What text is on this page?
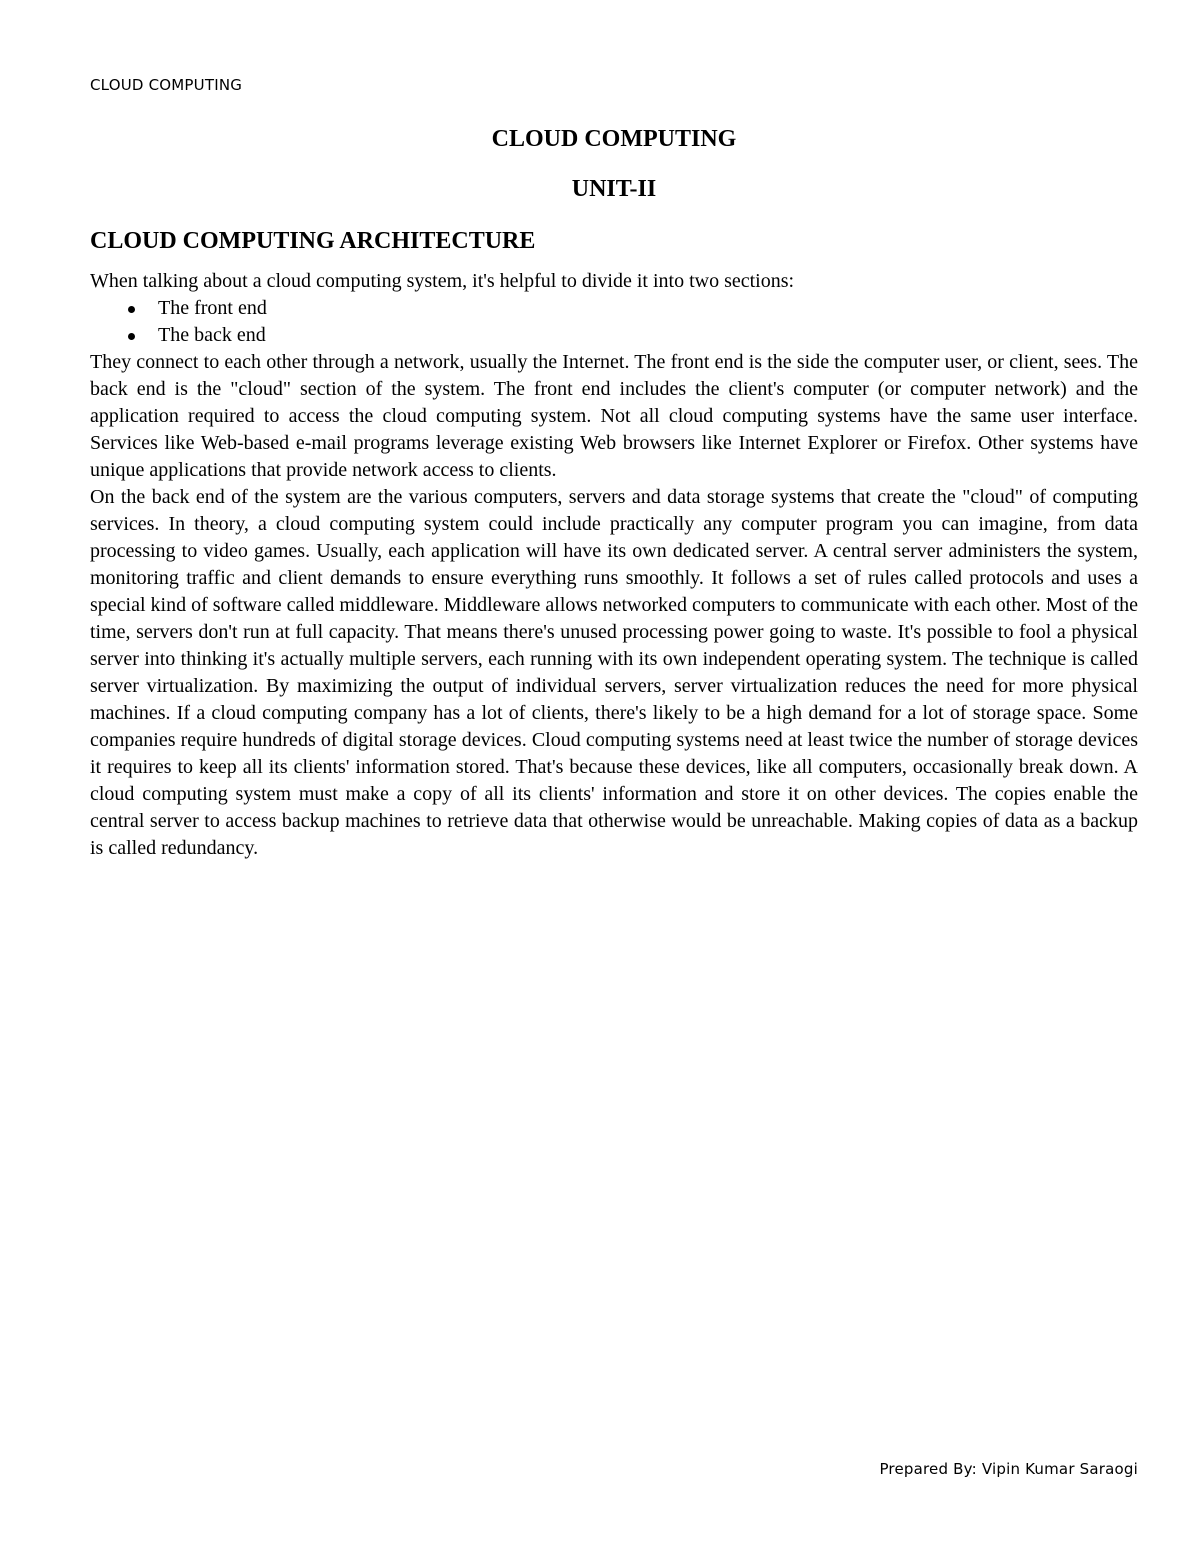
CLOUD COMPUTING
CLOUD COMPUTING
UNIT-II
CLOUD COMPUTING ARCHITECTURE
When talking about a cloud computing system, it's helpful to divide it into two sections:
The front end
The back end

They connect to each other through a network, usually the Internet. The front end is the side the computer user, or client, sees. The back end is the "cloud" section of the system. The front end includes the client's computer (or computer network) and the application required to access the cloud computing system. Not all cloud computing systems have the same user interface. Services like Web-based e-mail programs leverage existing Web browsers like Internet Explorer or Firefox. Other systems have unique applications that provide network access to clients.

On the back end of the system are the various computers, servers and data storage systems that create the "cloud" of computing services. In theory, a cloud computing system could include practically any computer program you can imagine, from data processing to video games. Usually, each application will have its own dedicated server. A central server administers the system, monitoring traffic and client demands to ensure everything runs smoothly. It follows a set of rules called protocols and uses a special kind of software called middleware. Middleware allows networked computers to communicate with each other. Most of the time, servers don't run at full capacity. That means there's unused processing power going to waste. It's possible to fool a physical server into thinking it's actually multiple servers, each running with its own independent operating system. The technique is called server virtualization. By maximizing the output of individual servers, server virtualization reduces the need for more physical machines. If a cloud computing company has a lot of clients, there's likely to be a high demand for a lot of storage space. Some companies require hundreds of digital storage devices. Cloud computing systems need at least twice the number of storage devices it requires to keep all its clients' information stored. That's because these devices, like all computers, occasionally break down. A cloud computing system must make a copy of all its clients' information and store it on other devices. The copies enable the central server to access backup machines to retrieve data that otherwise would be unreachable. Making copies of data as a backup is called redundancy.

Prepared By: Vipin Kumar Saraogi
